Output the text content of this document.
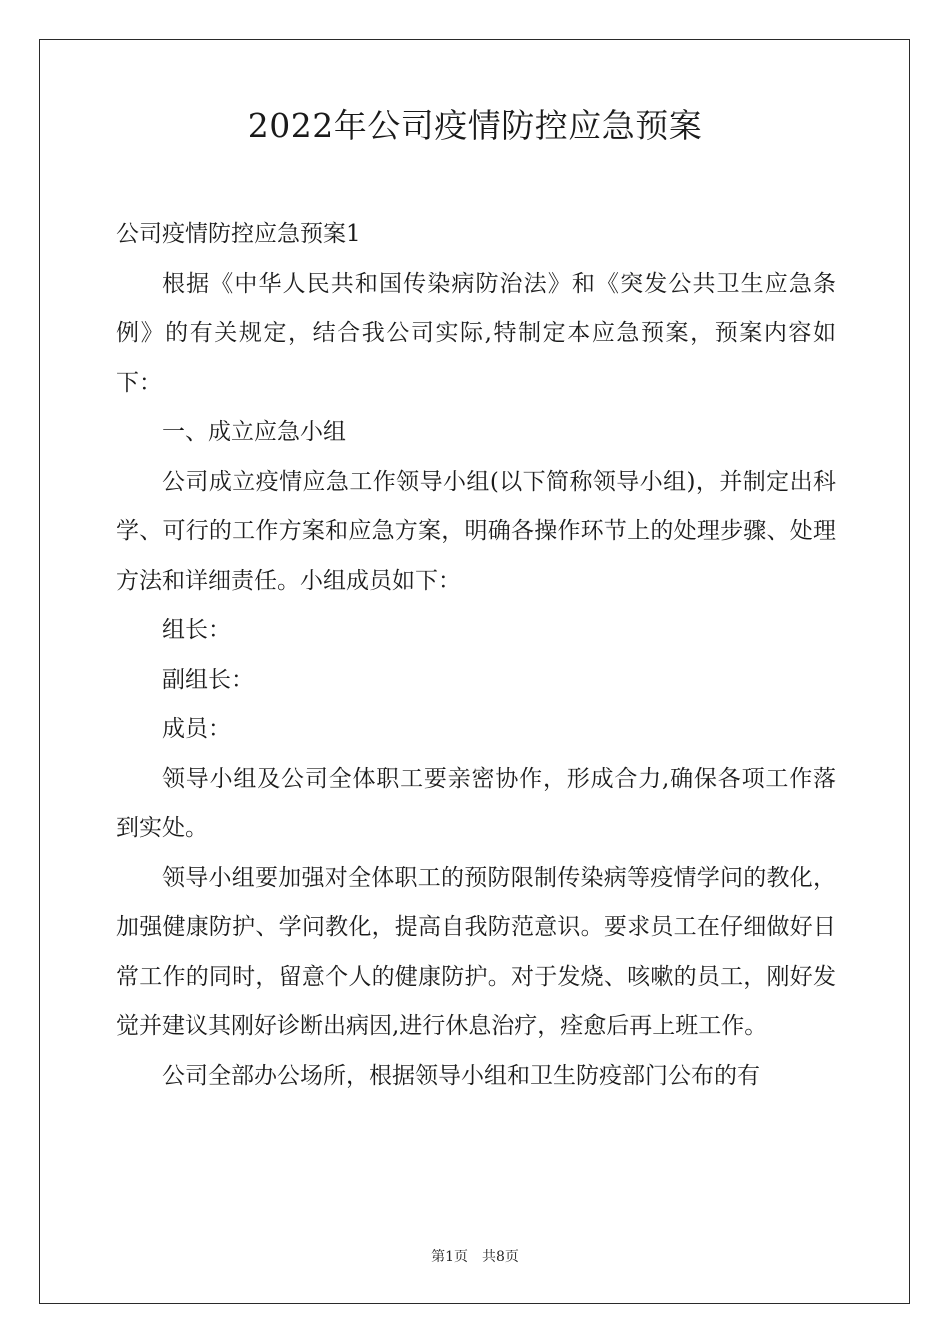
2022年公司疫情防控应急预案

公司疫情防控应急预案1

根据《中华人民共和国传染病防治法》和《突发公共卫生应急条例》的有关规定，结合我公司实际,特制定本应急预案，预案内容如下：

一、成立应急小组

公司成立疫情应急工作领导小组(以下简称领导小组)，并制定出科学、可行的工作方案和应急方案，明确各操作环节上的处理步骤、处理方法和详细责任。小组成员如下：

组长：

副组长：

成员：

领导小组及公司全体职工要亲密协作，形成合力,确保各项工作落到实处。

领导小组要加强对全体职工的预防限制传染病等疫情学问的教化，加强健康防护、学问教化，提高自我防范意识。要求员工在仔细做好日常工作的同时，留意个人的健康防护。对于发烧、咳嗽的员工，刚好发觉并建议其刚好诊断出病因,进行休息治疗，痊愈后再上班工作。

公司全部办公场所，根据领导小组和卫生防疫部门公布的有

第1页 共8页
